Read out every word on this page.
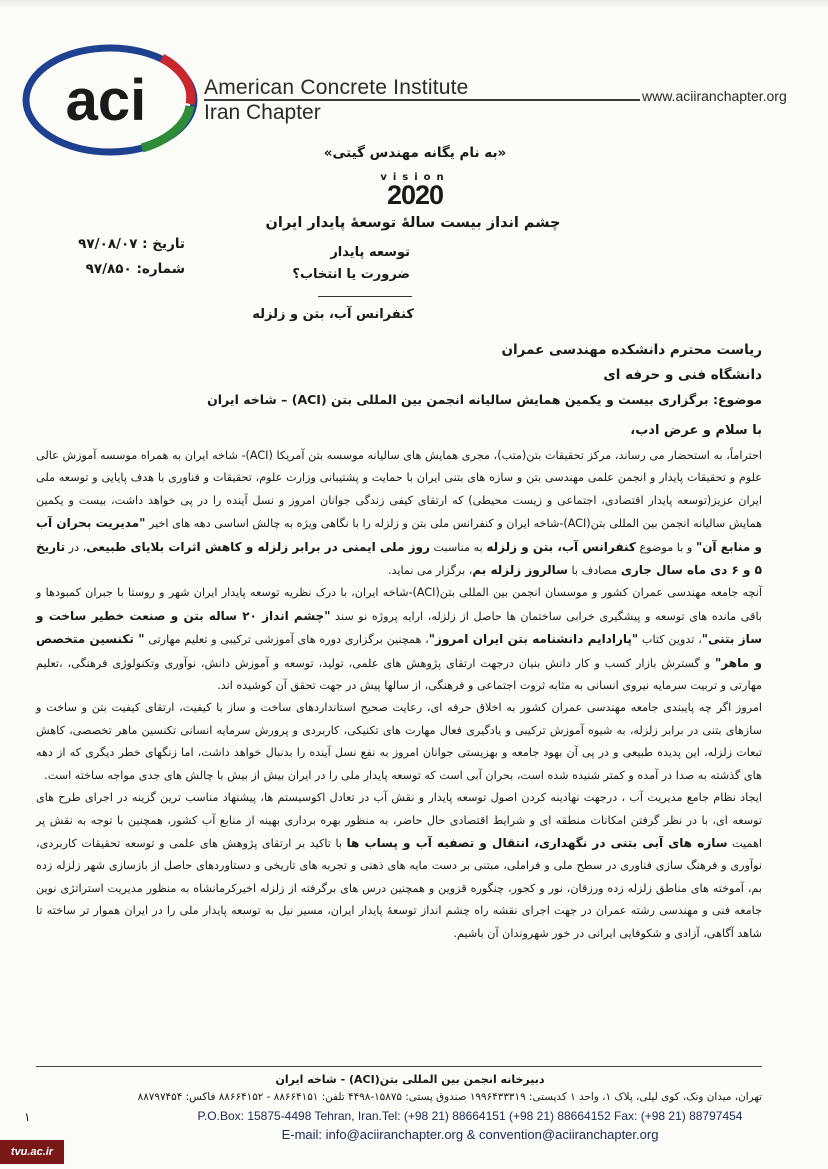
aci	American Concrete Institute
Iran Chapter
www.aciiranchapter.org
«به نام یگانه مهندس گیتی»
vision
2020
چشم انداز بیست سالهٔ توسعهٔ پایدار ایران
توسعه پایدار
ضرورت یا انتخاب؟
تاریخ : ۹۷/۰۸/۰۷
شماره: ۹۷/۸۵۰
کنفرانس آب، بتن و زلزله
ریاست محترم دانشکده مهندسی عمران
دانشگاه فنی و حرفه ای
موضوع: برگزاری بیست و یکمین همایش سالیانه انجمن بین المللی بتن (ACI) – شاخه ایران
با سلام و عرض ادب،

احتراماً، به استحضار می رساند، مرکز تحقیقات بتن(متب)، مجری همایش های سالیانه موسسه بتن آمریکا (ACI)- شاخه ایران به همراه موسسه آموزش عالی علوم و تحقیقات پایدار و انجمن علمی مهندسی بتن و سازه های بتنی ایران با حمایت و پشتیبانی وزارت علوم، تحقیقات و فناوری با هدف پایایی و توسعه ملی ایران عزیز(توسعه پایدار اقتصادی، اجتماعی و زیست محیطی) که ارتقای کیفی زندگی جوانان امروز و نسل آینده را در پی خواهد داشت، بیست و یکمین همایش سالیانه انجمن بین المللی بتن(ACI)-شاخه ایران و کنفرانس ملی بتن و زلزله را با نگاهی ویژه به چالش اساسی دهه های اخیر "مدیریت بحران آب و منابع آن" و با موضوع کنفرانس آب، بتن و زلزله به مناسبت روز ملی ایمنی در برابر زلزله و کاهش اثرات بلایای طبیعی، در تاریخ ۵ و ۶ دی ماه سال جاری مصادف با سالروز زلزله بم، برگزار می نماید.

آنچه جامعه مهندسی عمران کشور و موسسان انجمن بین المللی بتن(ACI)-شاخه ایران، با درک نظریه توسعه پایدار ایران شهر و روستا با جبران کمبودها و باقی مانده های توسعه و پیشگیری خرابی ساختمان ها حاصل از زلزله، ارایه پروژه نو سند "چشم انداز ۲۰ ساله بتن و صنعت خطیر ساخت و ساز بتنی"، تدوین کتاب "پارادایم دانشنامه بتن ایران امروز"، همچنین برگزاری دوره های آموزشی ترکیبی و تعلیم مهارتی " تکنسین متخصص و ماهر" و گسترش بازار کسب و کار دانش بنیان درجهت ارتقای پژوهش های علمی، تولید، توسعه و آموزش دانش، نوآوری وتکنولوژی فرهنگی، ،تعلیم مهارتی و تربیت سرمایه نیروی انسانی به مثابه ثروت اجتماعی و فرهنگی، از سالها پیش در جهت تحقق آن کوشیده اند.

امروز اگر چه پایبندی جامعه مهندسی عمران کشور به اخلاق حرفه ای، رعایت صحیح استانداردهای ساخت و ساز با کیفیت، ارتقای کیفیت بتن و ساخت و سازهای بتنی در برابر زلزله، به شیوه آموزش ترکیبی و یادگیری فعال مهارت های تکنیکی، کاربردی و پرورش سرمایه انسانی تکنسین ماهر تخصصی، کاهش تبعات زلزله، این پدیده طبیعی و در پی آن بهود جامعه و بهزیستی جوانان امروز به نفع نسل آینده را بدنبال خواهد داشت، اما زنگهای خطر دیگری که از دهه های گذشته به صدا در آمده و کمتر شنیده شده است، بحران آبی است که توسعه پایدار ملی را در ایران بیش از بیش با چالش های جدی مواجه ساخته است.

ایجاد نظام جامع مدیریت آب ، درجهت نهادینه کردن اصول توسعه پایدار و نقش آب در تعادل اکوسیستم ها، پیشنهاد مناسب ترین گزینه در اجرای طرح های توسعه ای، با در نظر گرفتن امکانات منطقه ای و شرایط اقتصادی حال حاضر، به منظور بهره برداری بهینه از منابع آب کشور، همچنین با توجه به نقش پر اهمیت سازه های آبی بتنی در نگهداری، انتقال و تصفیه آب و پساب ها با تاکید بر ارتقای پژوهش های علمی و توسعه تحقیقات کاربردی، نوآوری و فرهنگ سازی فناوری در سطح ملی و فراملی، مبتنی بر دست مایه های ذهنی و تجربه های تاریخی و دستاوردهای حاصل از بازسازی شهر زلزله زده بم، آموخته های مناطق زلزله زده ورزقان، نور و کجور، چنگوره قزوین و همچنین درس های برگرفته از زلزله اخیرکرمانشاه به منظور مدیریت استراتژی نوین جامعه فنی و مهندسی رشته عمران در جهت اجرای نقشه راه چشم انداز توسعهٔ پایدار ایران، مسیر نیل به توسعه پایدار ملی را در ایران هموار تر ساخته تا شاهد آگاهی، آزادی و شکوفایی ایرانی در خور شهروندان آن باشیم.

دبیرخانه انجمن بین المللی بتن(ACI) - شاخه ایران
تهران، میدان ونک، کوی لیلی، پلاک ۱، واحد ۱ کدپستی: ۱۹۹۶۴۳۳۳۱۹ صندوق پستی: ۱۵۸۷۵-۴۴۹۸ تلفن: ۸۸۶۶۴۱۵۱ - ۸۸۶۶۴۱۵۲ فاکس: ۸۸۷۹۷۴۵۴
P.O.Box: 15875-4498 Tehran, Iran.Tel: (+98 21) 88664151 (+98 21) 88664152 Fax: (+98 21) 88797454
E-mail: info@aciiranchapter.org & convention@aciiranchapter.org
۱
tvu.ac.ir
